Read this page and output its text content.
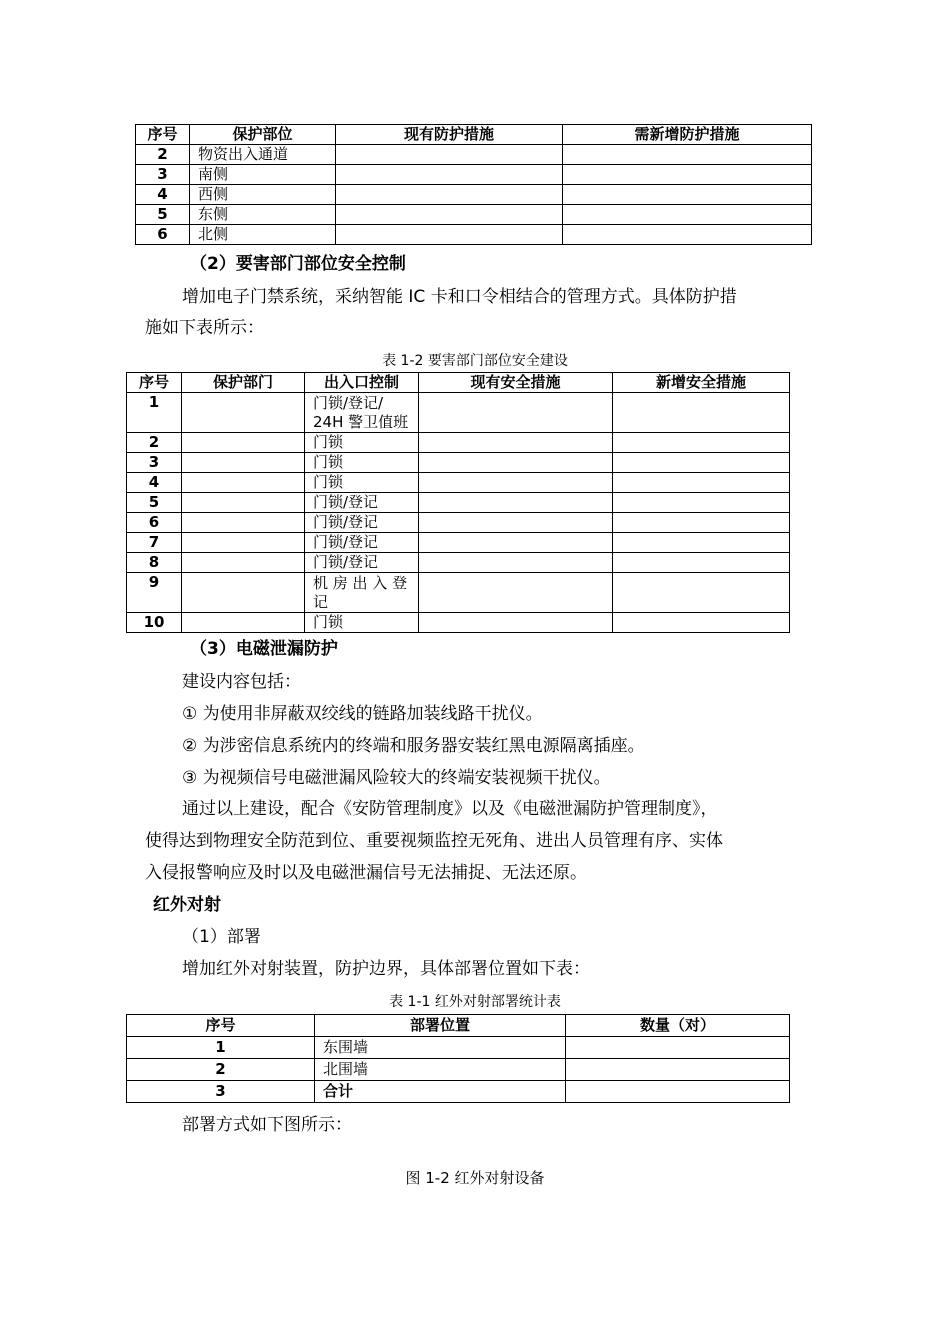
序号	保护部位	现有防护措施	需新增防护措施
2	物资出入通道		
3	南侧		
4	西侧		
5	东侧		
6	北侧		
（2）要害部门部位安全控制
增加电子门禁系统，采纳智能 IC 卡和口令相结合的管理方式。具体防护措
施如下表所示：
表 1-2 要害部门部位安全建设
序号	保护部门	出入口控制	现有安全措施	新增安全措施
1		门锁/登记/
24H 警卫值班		
2		门锁		
3		门锁		
4		门锁		
5		门锁/登记		
6		门锁/登记		
7		门锁/登记		
8		门锁/登记		
9		机 房 出 入 登
记		
10		门锁		
（3）电磁泄漏防护
建设内容包括：
① 为使用非屏蔽双绞线的链路加装线路干扰仪。
② 为涉密信息系统内的终端和服务器安装红黑电源隔离插座。
③ 为视频信号电磁泄漏风险较大的终端安装视频干扰仪。
通过以上建设，配合《安防管理制度》以及《电磁泄漏防护管理制度》，
使得达到物理安全防范到位、重要视频监控无死角、进出人员管理有序、实体
入侵报警响应及时以及电磁泄漏信号无法捕捉、无法还原。
红外对射
（1）部署
增加红外对射装置，防护边界，具体部署位置如下表：
表 1-1 红外对射部署统计表
序号	部署位置	数量（对）
1	东围墙	
2	北围墙	
3	合计	
部署方式如下图所示：
图 1-2 红外对射设备
